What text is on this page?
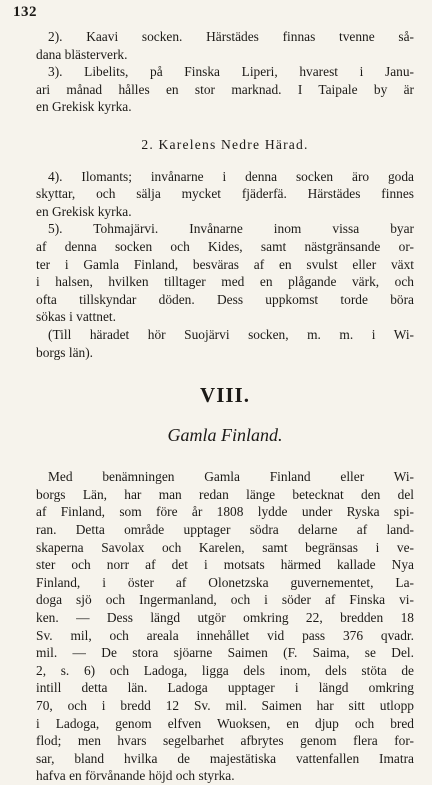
132
2). Kaavi socken. Härstädes finnas tvenne så-
dana blästerverk.
3). Libelits, på Finska Liperi, hvarest i Janu-
ari månad hålles en stor marknad. I Taipale by är
en Grekisk kyrka.
2. Karelens Nedre Härad.
4). Ilomants; invånarne i denna socken äro goda
skyttar, och sälja mycket fjäderfä. Härstädes finnes
en Grekisk kyrka.
5). Tohmajärvi. Invånarne inom vissa byar
af denna socken och Kides, samt nästgränsande or-
ter i Gamla Finland, besväras af en svulst eller växt
i halsen, hvilken tilltager med en plågande värk, och
ofta tillskyndar döden. Dess uppkomst torde böra
sökas i vattnet.
(Till häradet hör Suojärvi socken, m. m. i Wi-
borgs län).
VIII.
Gamla Finland.
Med benämningen Gamla Finland eller Wi-
borgs Län, har man redan länge betecknat den del
af Finland, som före år 1808 lydde under Ryska spi-
ran. Detta område upptager södra delarne af land-
skaperna Savolax och Karelen, samt begränsas i ve-
ster och norr af det i motsats härmed kallade Nya
Finland, i öster af Olonetzska guvernementet, La-
doga sjö och Ingermanland, och i söder af Finska vi-
ken. — Dess längd utgör omkring 22, bredden 18
Sv. mil, och areala innehållet vid pass 376 qvadr.
mil. — De stora sjöarne Saimen (F. Saima, se Del.
2, s. 6) och Ladoga, ligga dels inom, dels stöta de
intill detta län. Ladoga upptager i längd omkring
70, och i bredd 12 Sv. mil. Saimen har sitt utlopp
i Ladoga, genom elfven Wuoksen, en djup och bred
flod; men hvars segelbarhet afbrytes genom flera for-
sar, bland hvilka de majestätiska vattenfallen Imatra
hafva en förvånande höjd och styrka.
